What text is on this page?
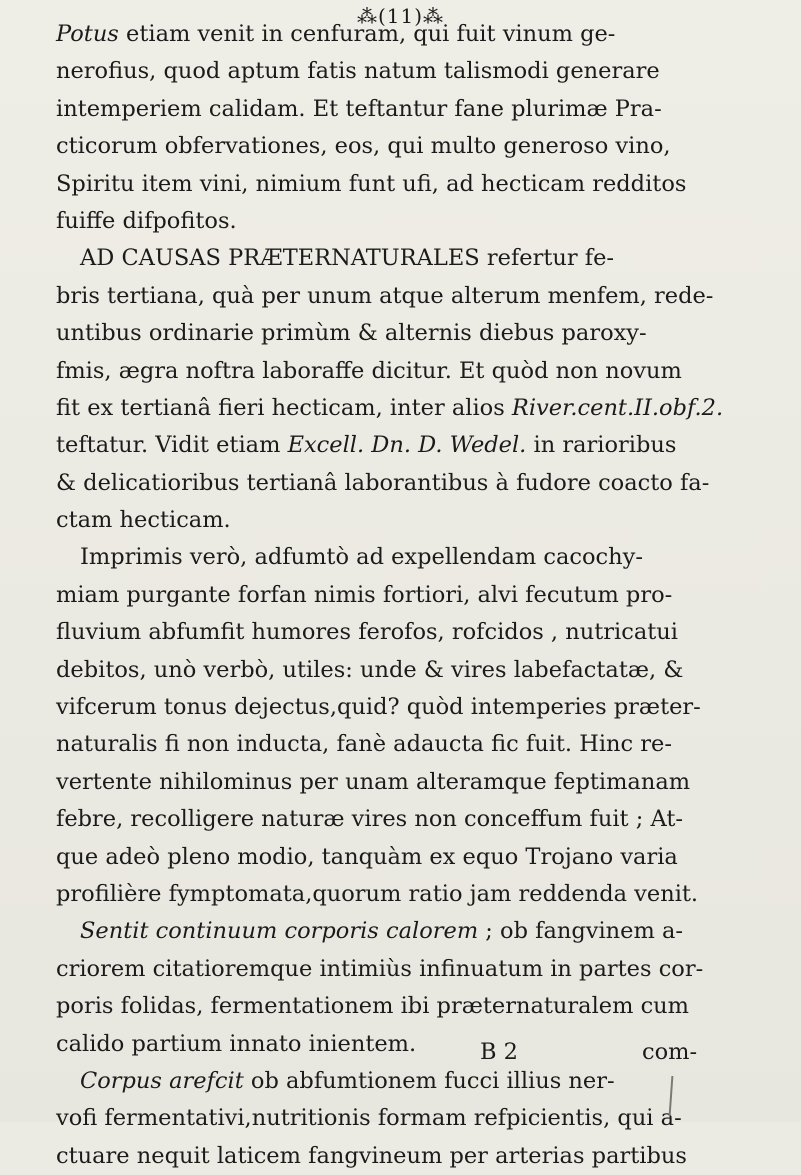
⁂(11)⁂
Potus etiam venit in cenfuram, qui fuit vinum ge-
nerofius, quod aptum fatis natum talismodi generare
intemperiem calidam. Et teftantur fane plurimæ Pra-
cticorum obfervationes, eos, qui multo generoso vino,
Spiritu item vini, nimium funt ufi, ad hecticam redditos
fuiffe difpofitos.
AD CAUSAS PRÆTERNATURALES refertur fe-
bris tertiana, quà per unum atque alterum menfem, rede-
untibus ordinarie primùm & alternis diebus paroxy-
fmis, ægra noftra laboraffe dicitur. Et quòd non novum
fit ex tertianâ fieri hecticam, inter alios River.cent.II.obf.2.
teftatur. Vidit etiam Excell. Dn. D. Wedel. in rarioribus
& delicatioribus tertianâ laborantibus à fudore coacto fa-
ctam hecticam.
Imprimis verò, adfumtò ad expellendam cacochy-
miam purgante forfan nimis fortiori, alvi fecutum pro-
fluvium abfumfit humores ferofos, rofcidos , nutricatui
debitos, unò verbò, utiles: unde & vires labefactatæ, &
vifcerum tonus dejectus,quid? quòd intemperies præter-
naturalis fi non inducta, fanè adaucta fic fuit. Hinc re-
vertente nihilominus per unam alteramque feptimanam
febre, recolligere naturæ vires non conceffum fuit ; At-
que adeò pleno modio, tanquàm ex equo Trojano varia
profilière fymptomata,quorum ratio jam reddenda venit.
Sentit continuum corporis calorem ; ob fangvinem a-
criorem citatioremque intimiùs infinuatum in partes cor-
poris folidas, fermentationem ibi præternaturalem cum
calido partium innato inientem.
Corpus arefcit ob abfumtionem fucci illius ner-
vofi fermentativi,nutritionis formam refpicientis, qui a-
ctuare nequit laticem fangvineum per arterias partibus
B 2	com-
